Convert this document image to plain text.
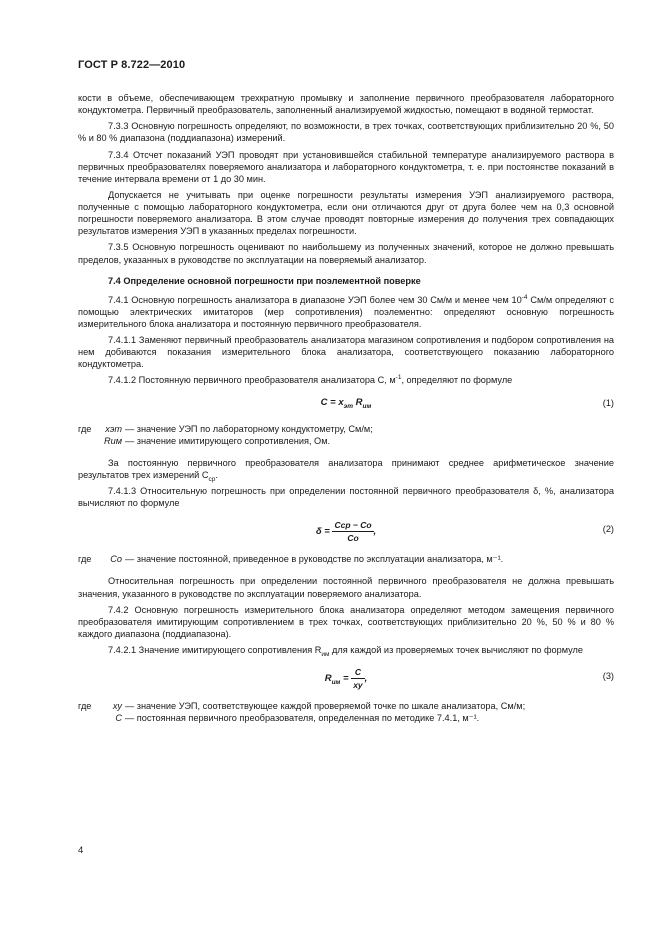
ГОСТ Р 8.722—2010

кости в объеме, обеспечивающем трехкратную промывку и заполнение первичного преобразователя лабораторного кондуктометра. Первичный преобразователь, заполненный анализируемой жидкостью, помещают в водяной термостат.

7.3.3 Основную погрешность определяют, по возможности, в трех точках, соответствующих приблизительно 20 %, 50 % и 80 % диапазона (поддиапазона) измерений.

7.3.4 Отсчет показаний УЭП проводят при установившейся стабильной температуре анализируемого раствора в первичных преобразователях поверяемого анализатора и лабораторного кондуктометра, т. е. при постоянстве показаний в течение интервала времени от 1 до 30 мин.

Допускается не учитывать при оценке погрешности результаты измерения УЭП анализируемого раствора, полученные с помощью лабораторного кондуктометра, если они отличаются друг от друга более чем на 0,3 основной погрешности поверяемого анализатора. В этом случае проводят повторные измерения до получения трех совпадающих результатов измерения УЭП в указанных пределах погрешности.

7.3.5 Основную погрешность оценивают по наибольшему из полученных значений, которое не должно превышать пределов, указанных в руководстве по эксплуатации на поверяемый анализатор.

7.4 Определение основной погрешности при поэлементной поверке

7.4.1 Основную погрешность анализатора в диапазоне УЭП более чем 30 См/м и менее чем $10^{-4}$ См/м определяют с помощью электрических имитаторов (мер сопротивления) поэлементно: определяют основную погрешность измерительного блока анализатора и постоянную первичного преобразователя.

7.4.1.1 Заменяют первичный преобразователь анализатора магазином сопротивления и подбором сопротивления на нем добиваются показания измерительного блока анализатора, соответствующего показанию лабораторного кондуктометра.

7.4.1.2 Постоянную первичного преобразователя анализатора C, $м^{-1}$, определяют по формуле

$C = x_{эт}$ $R_{им}$	(1)
где	xэт — значение УЭП по лабораторному кондуктометру, См/м;
Rим — значение имитирующего сопротивления, Ом.

За постоянную первичного преобразователя анализатора принимают среднее арифметическое значение результатов трех измерений $C_{ср}$.

7.4.1.3 Относительную погрешность при определении постоянной первичного преобразователя δ, %, анализатора вычисляют по формуле

$\delta = \frac{\text{Cср − Co}}{Co}$ ,	(2)
где	Co — значение постоянной, приведенное в руководстве по эксплуатации анализатора, м⁻¹.

Относительная погрешность при определении постоянной первичного преобразователя не должна превышать значения, указанного в руководстве по эксплуатации поверяемого анализатора.

7.4.2 Основную погрешность измерительного блока анализатора определяют методом замещения первичного преобразователя имитирующим сопротивлением в трех точках, соответствующих приблизительно 20 %, 50 % и 80 % каждого диапазона (поддиапазона).

7.4.2.1 Значение имитирующего сопротивления $R_{им}$ для каждой из проверяемых точек вычисляют по формуле

$R_{им} = \frac{C}{xy}$ ,	(3)
где	xy — значение УЭП, соответствующее каждой проверяемой точке по шкале анализатора, См/м;
C — постоянная первичного преобразователя, определенная по методике 7.4.1, м⁻¹.
4
